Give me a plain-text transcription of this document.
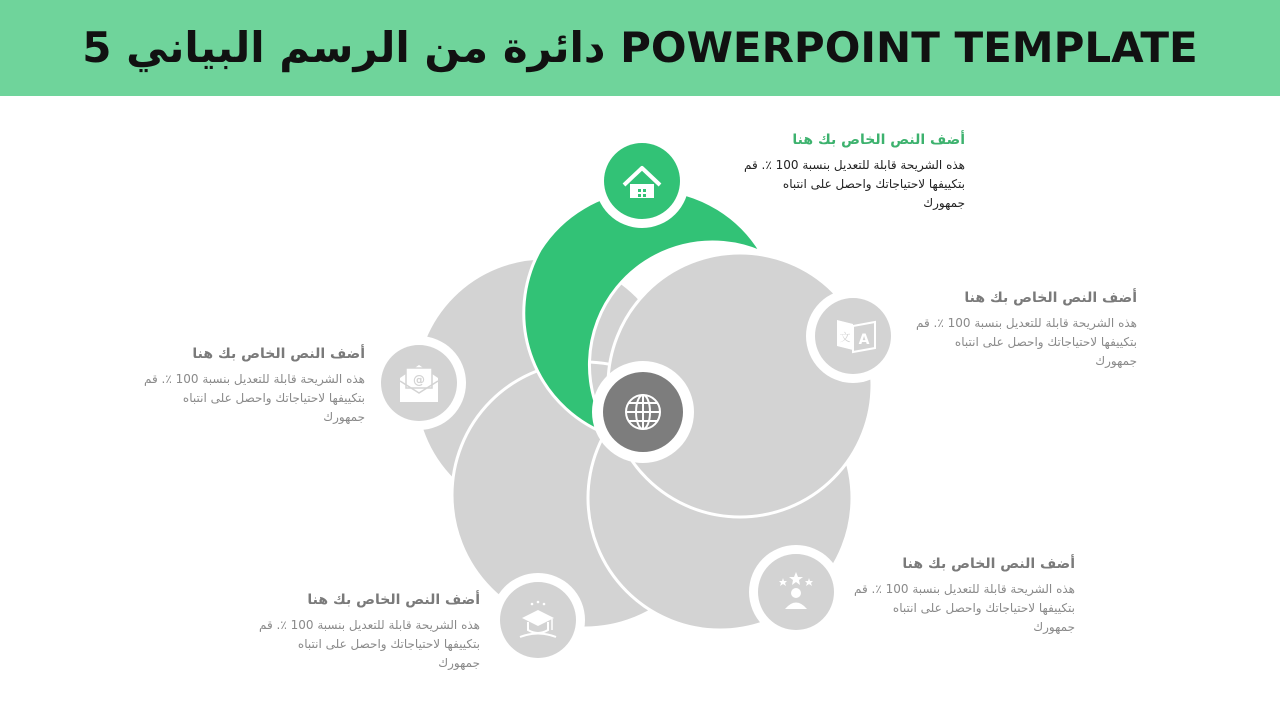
5 دائرة من الرسم البياني POWERPOINT TEMPLATE
A
文
@
أضف النص الخاص بك هنا
هذه الشريحة قابلة للتعديل بنسبة 100 ٪. قم بتكييفها لاحتياجاتك واحصل على انتباه جمهورك
أضف النص الخاص بك هنا
هذه الشريحة قابلة للتعديل بنسبة 100 ٪. قم بتكييفها لاحتياجاتك واحصل على انتباه جمهورك
أضف النص الخاص بك هنا
هذه الشريحة قابلة للتعديل بنسبة 100 ٪. قم بتكييفها لاحتياجاتك واحصل على انتباه جمهورك
أضف النص الخاص بك هنا
هذه الشريحة قابلة للتعديل بنسبة 100 ٪. قم بتكييفها لاحتياجاتك واحصل على انتباه جمهورك
أضف النص الخاص بك هنا
هذه الشريحة قابلة للتعديل بنسبة 100 ٪. قم بتكييفها لاحتياجاتك واحصل على انتباه جمهورك
